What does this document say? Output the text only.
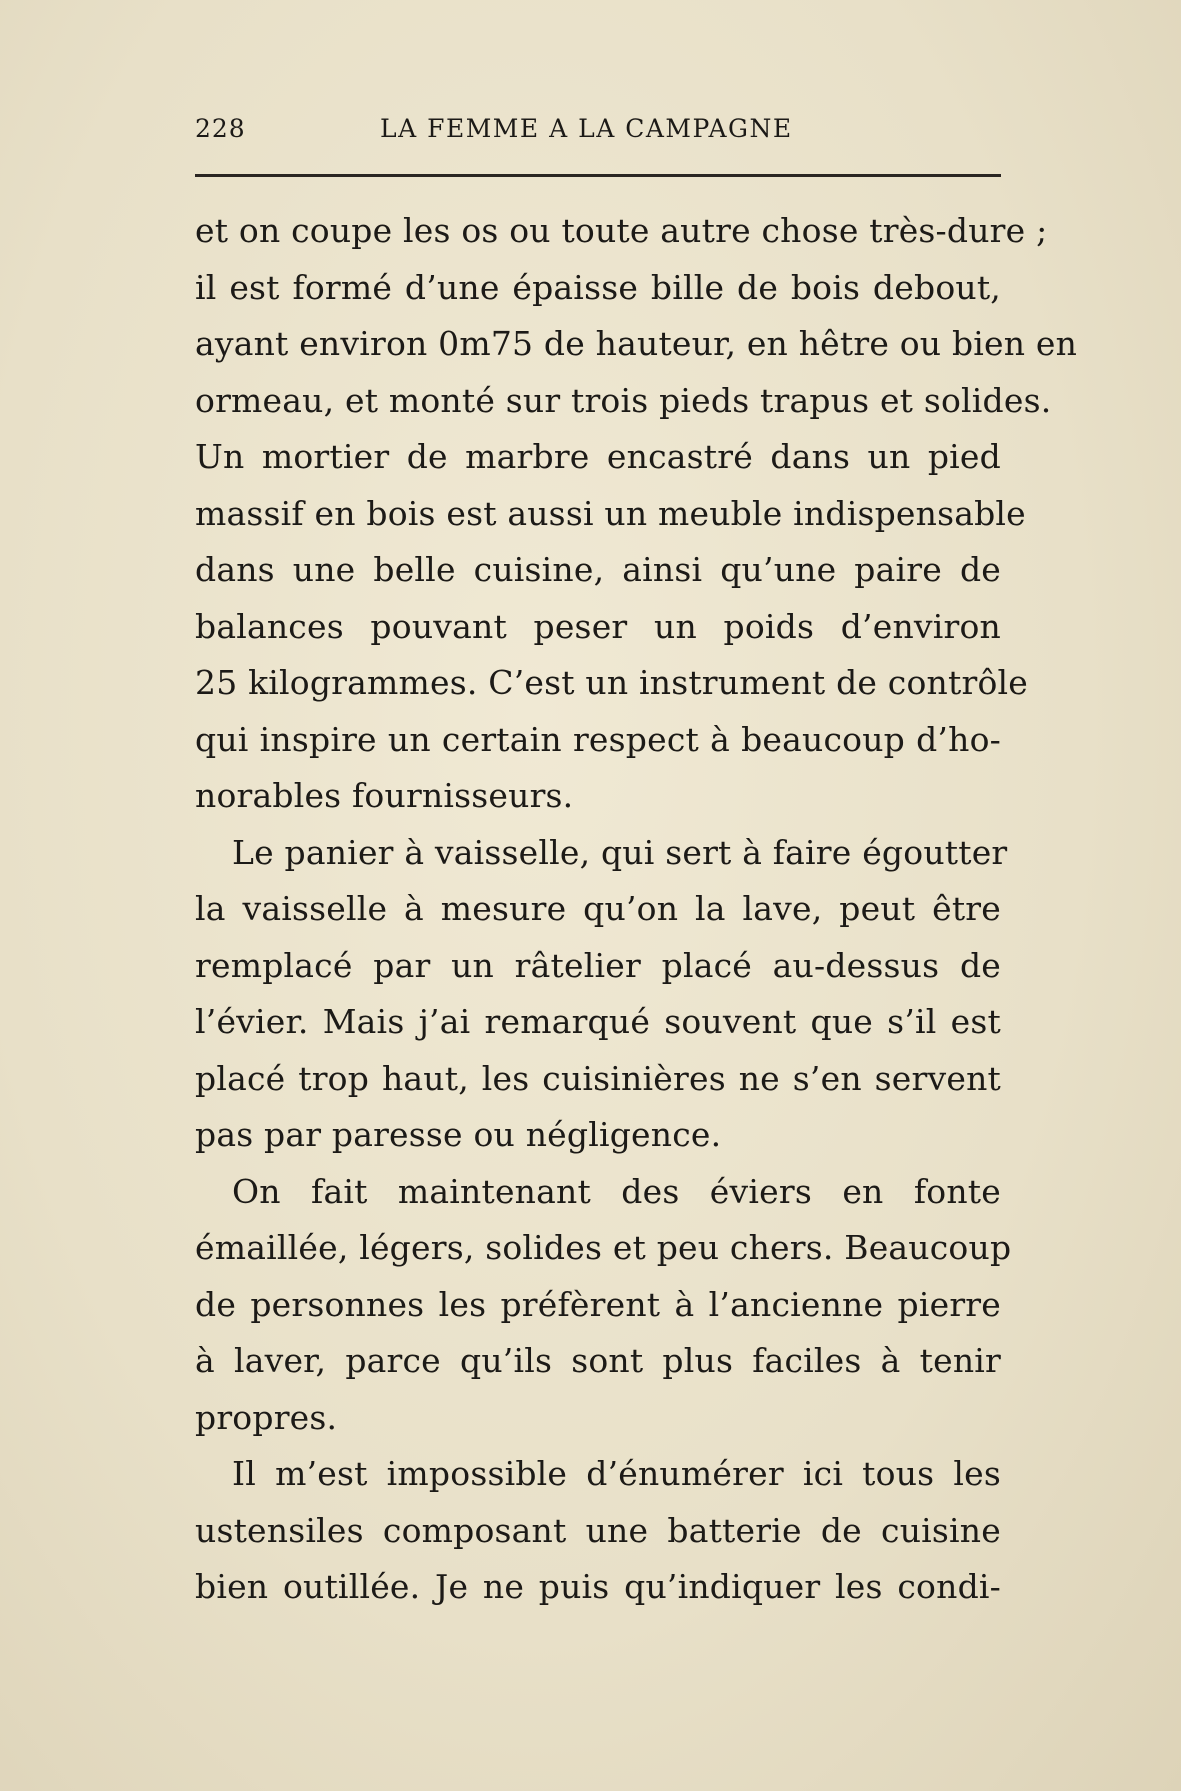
228	LA FEMME A LA CAMPAGNE

et on coupe les os ou toute autre chose très-dure ;
il est formé d’une épaisse bille de bois debout,
ayant environ 0m75 de hauteur, en hêtre ou bien en
ormeau, et monté sur trois pieds trapus et solides.
Un mortier de marbre encastré dans un pied
massif en bois est aussi un meuble indispensable
dans une belle cuisine, ainsi qu’une paire de
balances pouvant peser un poids d’environ
25 kilogrammes. C’est un instrument de contrôle
qui inspire un certain respect à beaucoup d’ho-
norables fournisseurs.

Le panier à vaisselle, qui sert à faire égoutter
la vaisselle à mesure qu’on la lave, peut être
remplacé par un râtelier placé au-dessus de
l’évier. Mais j’ai remarqué souvent que s’il est
placé trop haut, les cuisinières ne s’en servent
pas par paresse ou négligence.

On fait maintenant des éviers en fonte
émaillée, légers, solides et peu chers. Beaucoup
de personnes les préfèrent à l’ancienne pierre
à laver, parce qu’ils sont plus faciles à tenir
propres.

Il m’est impossible d’énumérer ici tous les
ustensiles composant une batterie de cuisine
bien outillée. Je ne puis qu’indiquer les condi-
